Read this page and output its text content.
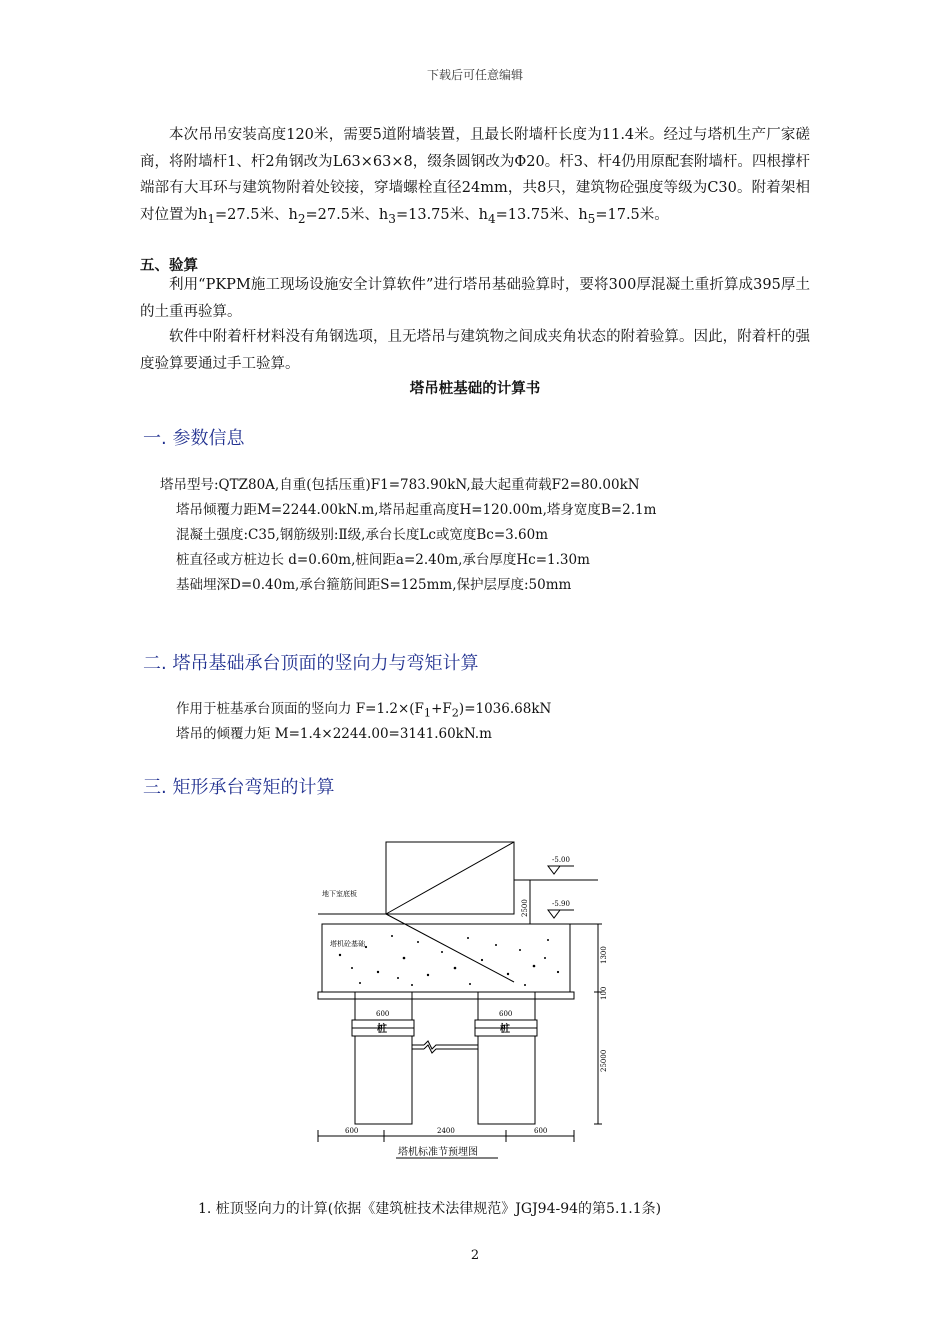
下载后可任意编辑
本次吊吊安装高度120米，需要5道附墙装置，且最长附墙杆长度为11.4米。经过与塔机生产厂家磋商，将附墙杆1、杆2角钢改为L63×63×8，缀条圆钢改为Φ20。杆3、杆4仍用原配套附墙杆。四根撑杆端部有大耳环与建筑物附着处铰接，穿墙螺栓直径24mm，共8只，建筑物砼强度等级为C30。附着架相对位置为$h_1=27.5$米、$h_2=27.5$米、$h_3=13.75$米、$h_4=13.75$米、$h_5=17.5$米。
五、验算
利用“PKPM施工现场设施安全计算软件”进行塔吊基础验算时，要将300厚混凝土重折算成395厚土的土重再验算。
软件中附着杆材料没有角钢选项，且无塔吊与建筑物之间成夹角状态的附着验算。因此，附着杆的强度验算要通过手工验算。
塔吊桩基础的计算书
一. 参数信息
塔吊型号:QTZ80A,自重(包括压重)F1=783.90kN,最大起重荷载F2=80.00kN
塔吊倾覆力距M=2244.00kN.m,塔吊起重高度H=120.00m,塔身宽度B=2.1m
混凝土强度:C35,钢筋级别:Ⅱ级,承台长度Lc或宽度Bc=3.60m
桩直径或方桩边长 d=0.60m,桩间距a=2.40m,承台厚度Hc=1.30m
基础埋深D=0.40m,承台箍筋间距S=125mm,保护层厚度:50mm
二. 塔吊基础承台顶面的竖向力与弯矩计算
作用于桩基承台顶面的竖向力 $F=1.2\times(F_1+F_2)=1036.68kN$
塔吊的倾覆力矩 M=1.4×2244.00=3141.60kN.m
三. 矩形承台弯矩的计算
地下室底板
塔机砼基础
-5.00
-5.90
2500
1300
100
25000
600	600
600	2400	600
桩	桩
塔机标准节预埋图
1. 桩顶竖向力的计算(依据《建筑桩技术法律规范》JGJ94-94的第5.1.1条)
2
